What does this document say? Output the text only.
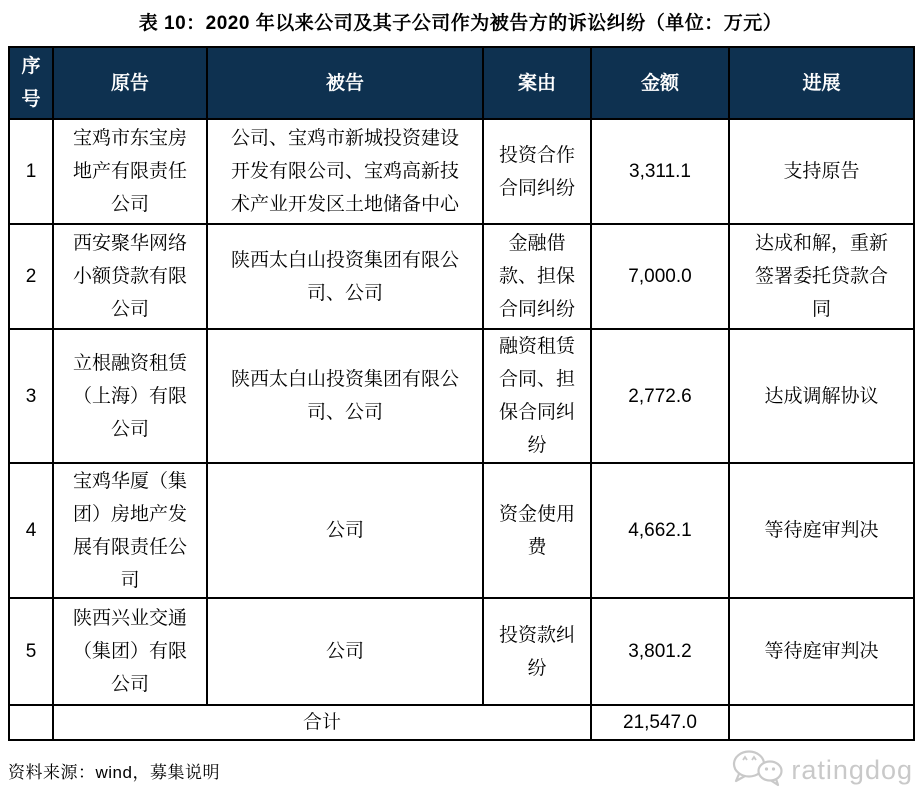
表 10：2020 年以来公司及其子公司作为被告方的诉讼纠纷（单位：万元）
序号	原告	被告	案由	金额	进展
1	宝鸡市东宝房地产有限责任公司	公司、宝鸡市新城投资建设开发有限公司、宝鸡高新技术产业开发区土地储备中心	投资合作合同纠纷	3,311.1	支持原告
2	西安聚华网络小额贷款有限公司	陕西太白山投资集团有限公司、公司	金融借款、担保合同纠纷	7,000.0	达成和解，重新签署委托贷款合同
3	立根融资租赁（上海）有限公司	陕西太白山投资集团有限公司、公司	融资租赁合同、担保合同纠纷	2,772.6	达成调解协议
4	宝鸡华厦（集团）房地产发展有限责任公司	公司	资金使用费	4,662.1	等待庭审判决
5	陕西兴业交通（集团）有限公司	公司	投资款纠纷	3,801.2	等待庭审判决
	合计			21,547.0	
资料来源：wind，募集说明	ratingdog
